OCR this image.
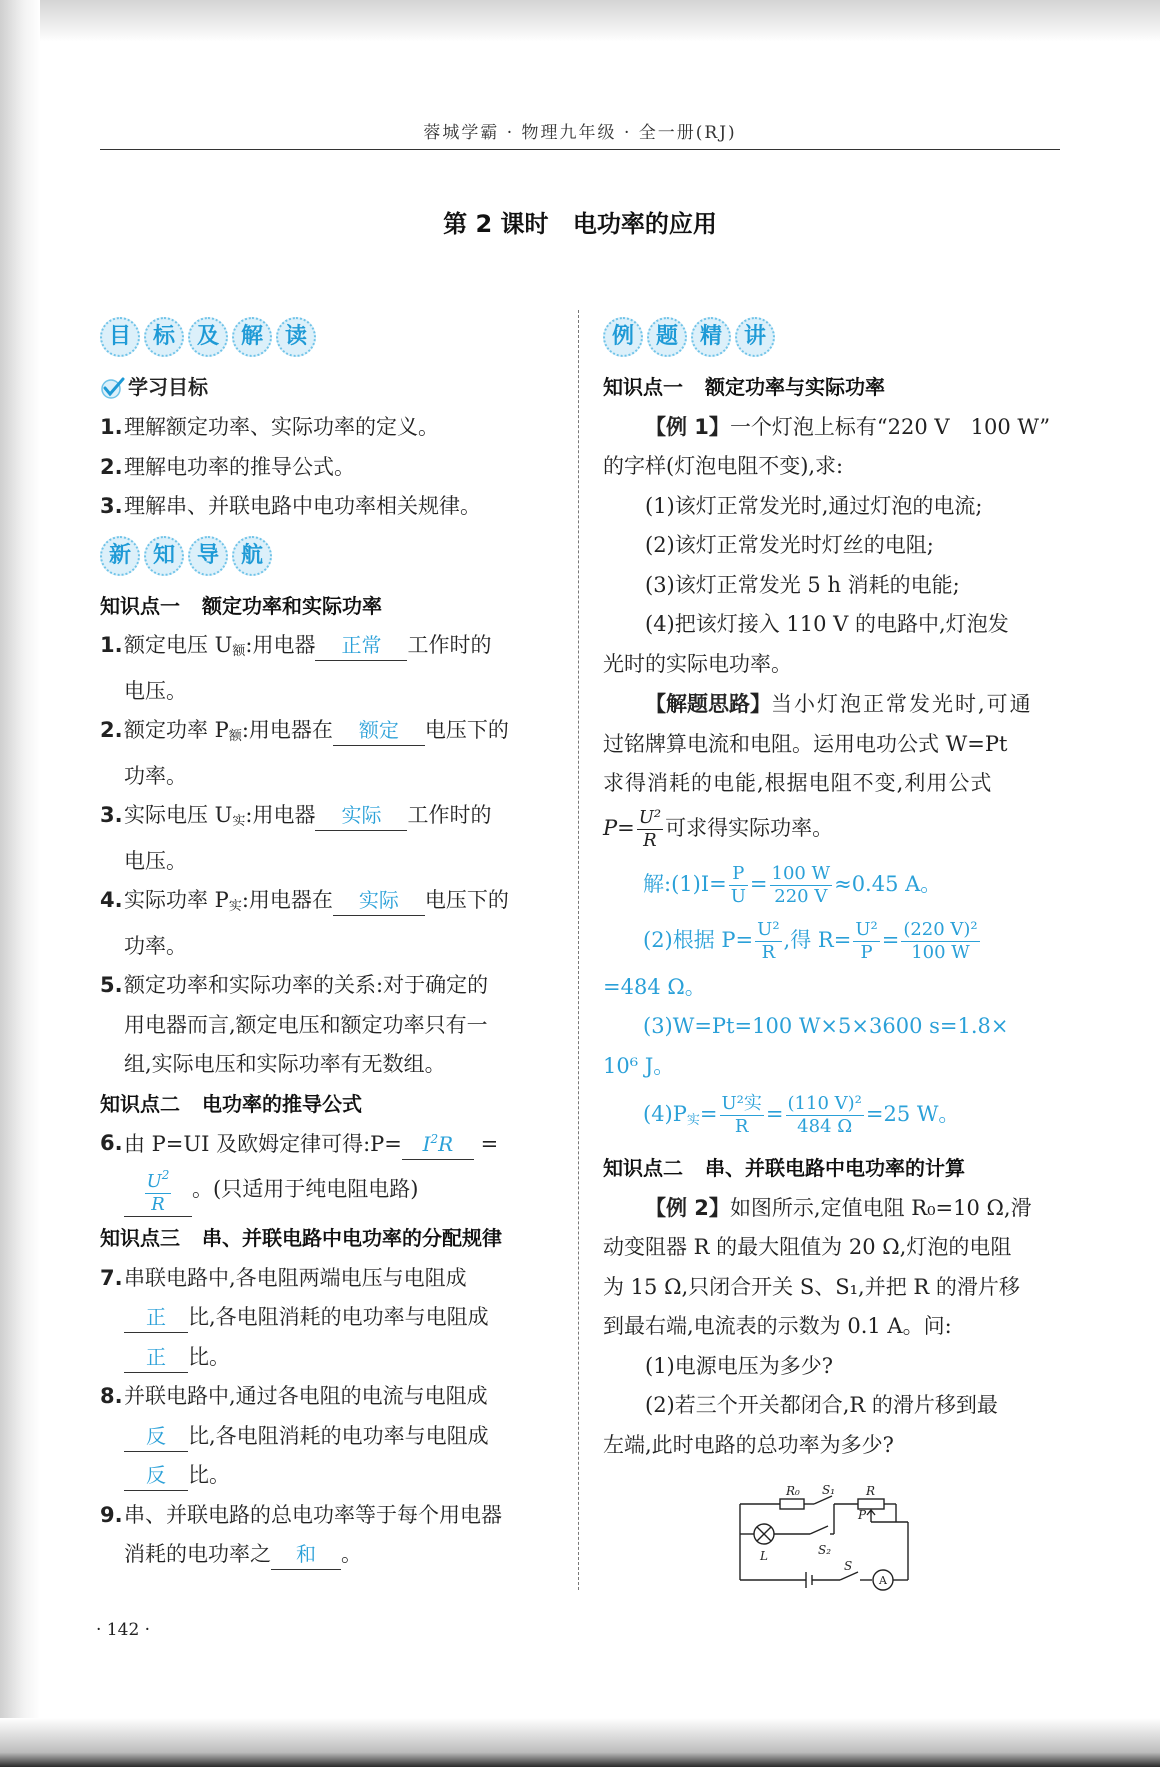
蓉城学霸 · 物理九年级 · 全一册(RJ)
第 2 课时 电功率的应用
目 标 及 解 读
学习目标
1. 理解额定功率、实际功率的定义。
2. 理解电功率的推导公式。
3. 理解串、并联电路中电功率相关规律。
新 知 导 航
知识点一 额定功率和实际功率
1. 额定电压 $U_额$:用电器 正常 工作时的
电压。
2. 额定功率 $P_额$:用电器在 额定 电压下的
功率。
3. 实际电压 $U_实$:用电器 实际 工作时的
电压。
4. 实际功率 $P_实$:用电器在 实际 电压下的
功率。
5. 额定功率和实际功率的关系:对于确定的
用电器而言,额定电压和额定功率只有一
组,实际电压和实际功率有无数组。
知识点二 电功率的推导公式
6. 由 P=UI 及欧姆定律可得:P= $I^2R$ =

$\frac{U^2}{R}$ 。(只适用于纯电阻电路)
知识点三 串、并联电路中电功率的分配规律
7. 串联电路中,各电阻两端电压与电阻成
正 比,各电阻消耗的电功率与电阻成
正 比。
8. 并联电路中,通过各电阻的电流与电阻成
反 比,各电阻消耗的电功率与电阻成
反 比。
9. 串、并联电路的总电功率等于每个用电器
消耗的电功率之 和 。
例 题 精 讲
知识点一 额定功率与实际功率
【例 1】一个灯泡上标有“220 V　100 W”
的字样(灯泡电阻不变),求:
(1)该灯正常发光时,通过灯泡的电流;
(2)该灯正常发光时灯丝的电阻;
(3)该灯正常发光 5 h 消耗的电能;
(4)把该灯接入 110 V 的电路中,灯泡发
光时的实际电功率。
【解题思路】当小灯泡正常发光时,可通
过铭牌算电流和电阻。运用电功公式 W=Pt
求得消耗的电能,根据电阻不变,利用公式
$P= \frac{\text{U²}}{R}$ 可求得实际功率。
解:(1)I= $\frac{P}{U} = \frac{100 W}{220 V} \approx 0.45$ A。
(2)根据 $P= \frac{\text{U²}}{R}$ ,得 $R= \frac{\text{U²}}{P} = \frac{\text{(220 V)²}}{100 W}$
=484 Ω。
(3)W=Pt=100 W×5×3600 s=1.8×
10⁶ J。
$(4)P_实= \frac{\text{U²实}}{R} = \frac{\text{(110 V)²}}{484 \Omega} =25$ W。
知识点二 串、并联电路中电功率的计算
【例 2】如图所示,定值电阻 R₀=10 Ω,滑
动变阻器 R 的最大阻值为 20 Ω,灯泡的电阻
为 15 Ω,只闭合开关 S、S₁,并把 R 的滑片移
到最右端,电流表的示数为 0.1 A。问:
(1)电源电压为多少?
(2)若三个开关都闭合,R 的滑片移到最
左端,此时电路的总功率为多少?
R₀ S₁	R
P
L	S₂
S
A
· 142 ·
